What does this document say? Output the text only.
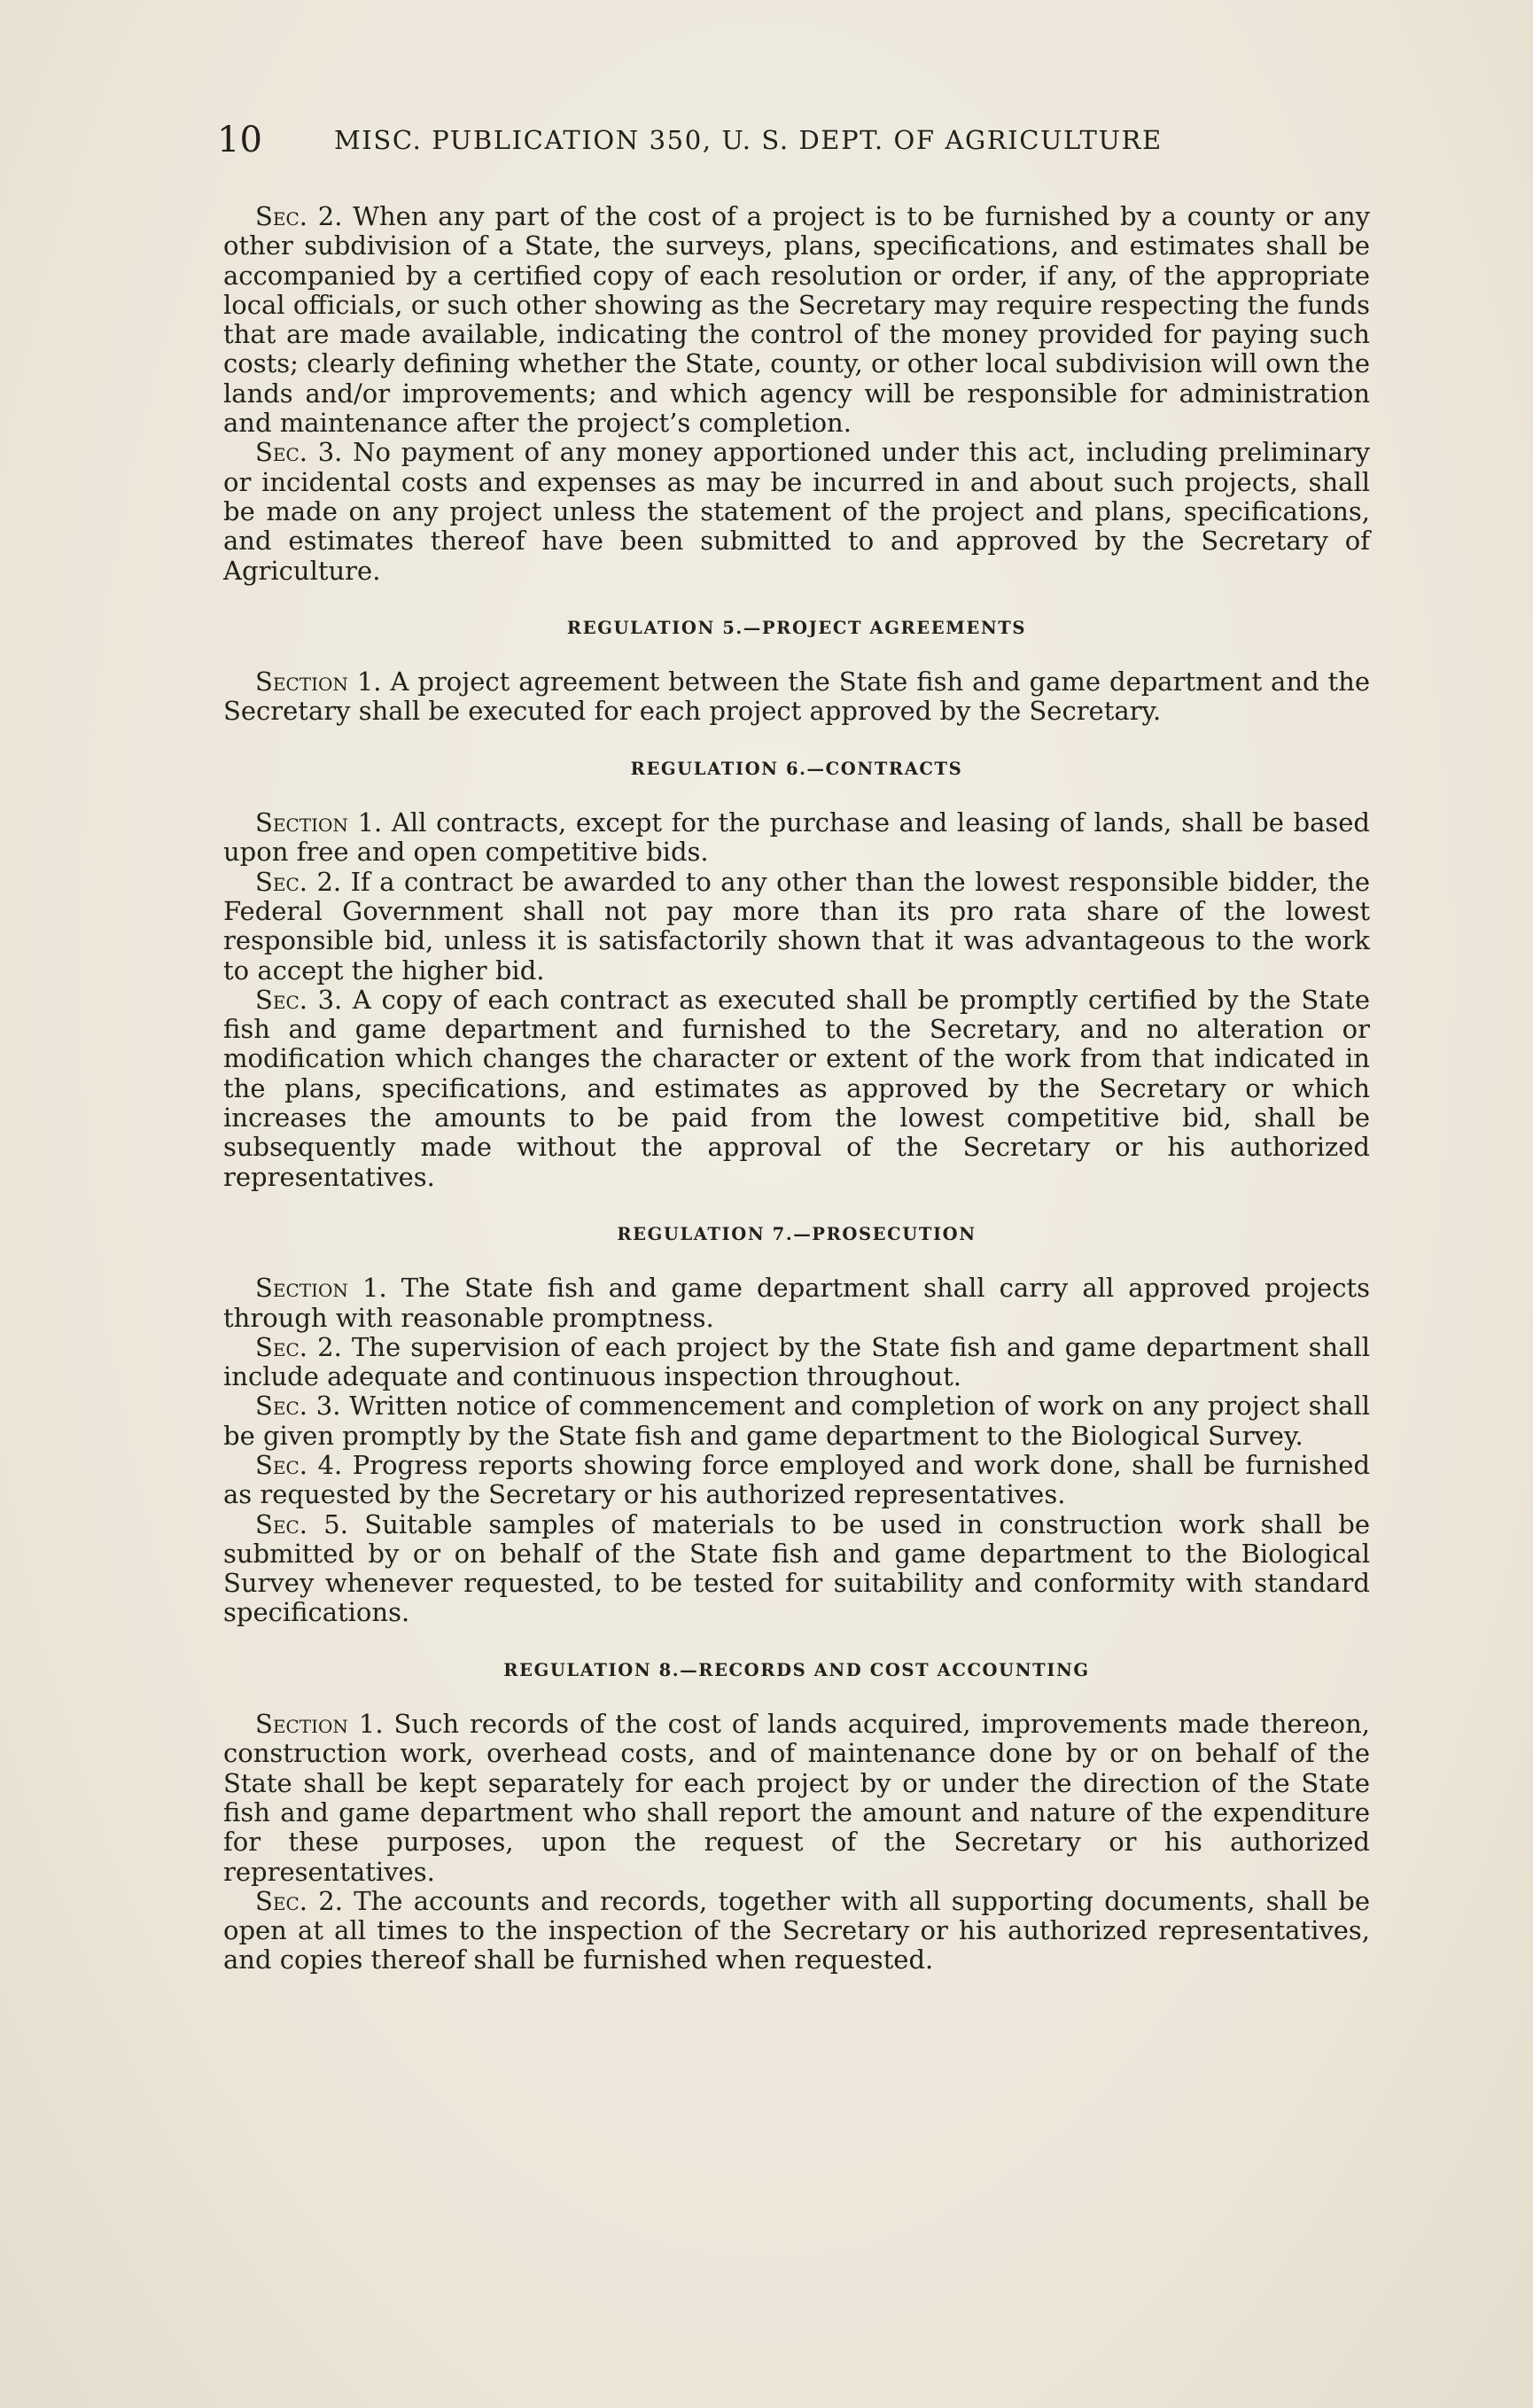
10	MISC. PUBLICATION 350, U. S. DEPT. OF AGRICULTURE

Sec. 2. When any part of the cost of a project is to be furnished by a county or any other subdivision of a State, the surveys, plans, specifications, and estimates shall be accompanied by a certified copy of each resolution or order, if any, of the appropriate local officials, or such other showing as the Secretary may require respecting the funds that are made available, indicating the control of the money provided for paying such costs; clearly defining whether the State, county, or other local subdivision will own the lands and/or improvements; and which agency will be responsible for administration and maintenance after the project’s completion.

Sec. 3. No payment of any money apportioned under this act, including preliminary or incidental costs and expenses as may be incurred in and about such projects, shall be made on any project unless the statement of the project and plans, specifications, and estimates thereof have been submitted to and approved by the Secretary of Agriculture.

REGULATION 5.—PROJECT AGREEMENTS

Section 1. A project agreement between the State fish and game department and the Secretary shall be executed for each project approved by the Secretary.

REGULATION 6.—CONTRACTS

Section 1. All contracts, except for the purchase and leasing of lands, shall be based upon free and open competitive bids.

Sec. 2. If a contract be awarded to any other than the lowest responsible bidder, the Federal Government shall not pay more than its pro rata share of the lowest responsible bid, unless it is satisfactorily shown that it was advantageous to the work to accept the higher bid.

Sec. 3. A copy of each contract as executed shall be promptly certified by the State fish and game department and furnished to the Secretary, and no alteration or modification which changes the character or extent of the work from that indicated in the plans, specifications, and estimates as approved by the Secretary or which increases the amounts to be paid from the lowest competitive bid, shall be subsequently made without the approval of the Secretary or his authorized representatives.

REGULATION 7.—PROSECUTION

Section 1. The State fish and game department shall carry all approved projects through with reasonable promptness.

Sec. 2. The supervision of each project by the State fish and game department shall include adequate and continuous inspection throughout.

Sec. 3. Written notice of commencement and completion of work on any project shall be given promptly by the State fish and game department to the Biological Survey.

Sec. 4. Progress reports showing force employed and work done, shall be furnished as requested by the Secretary or his authorized representatives.

Sec. 5. Suitable samples of materials to be used in construction work shall be submitted by or on behalf of the State fish and game department to the Biological Survey whenever requested, to be tested for suitability and conformity with standard specifications.

REGULATION 8.—RECORDS AND COST ACCOUNTING

Section 1. Such records of the cost of lands acquired, improvements made thereon, construction work, overhead costs, and of maintenance done by or on behalf of the State shall be kept separately for each project by or under the direction of the State fish and game department who shall report the amount and nature of the expenditure for these purposes, upon the request of the Secretary or his authorized representatives.

Sec. 2. The accounts and records, together with all supporting documents, shall be open at all times to the inspection of the Secretary or his authorized representatives, and copies thereof shall be furnished when requested.
